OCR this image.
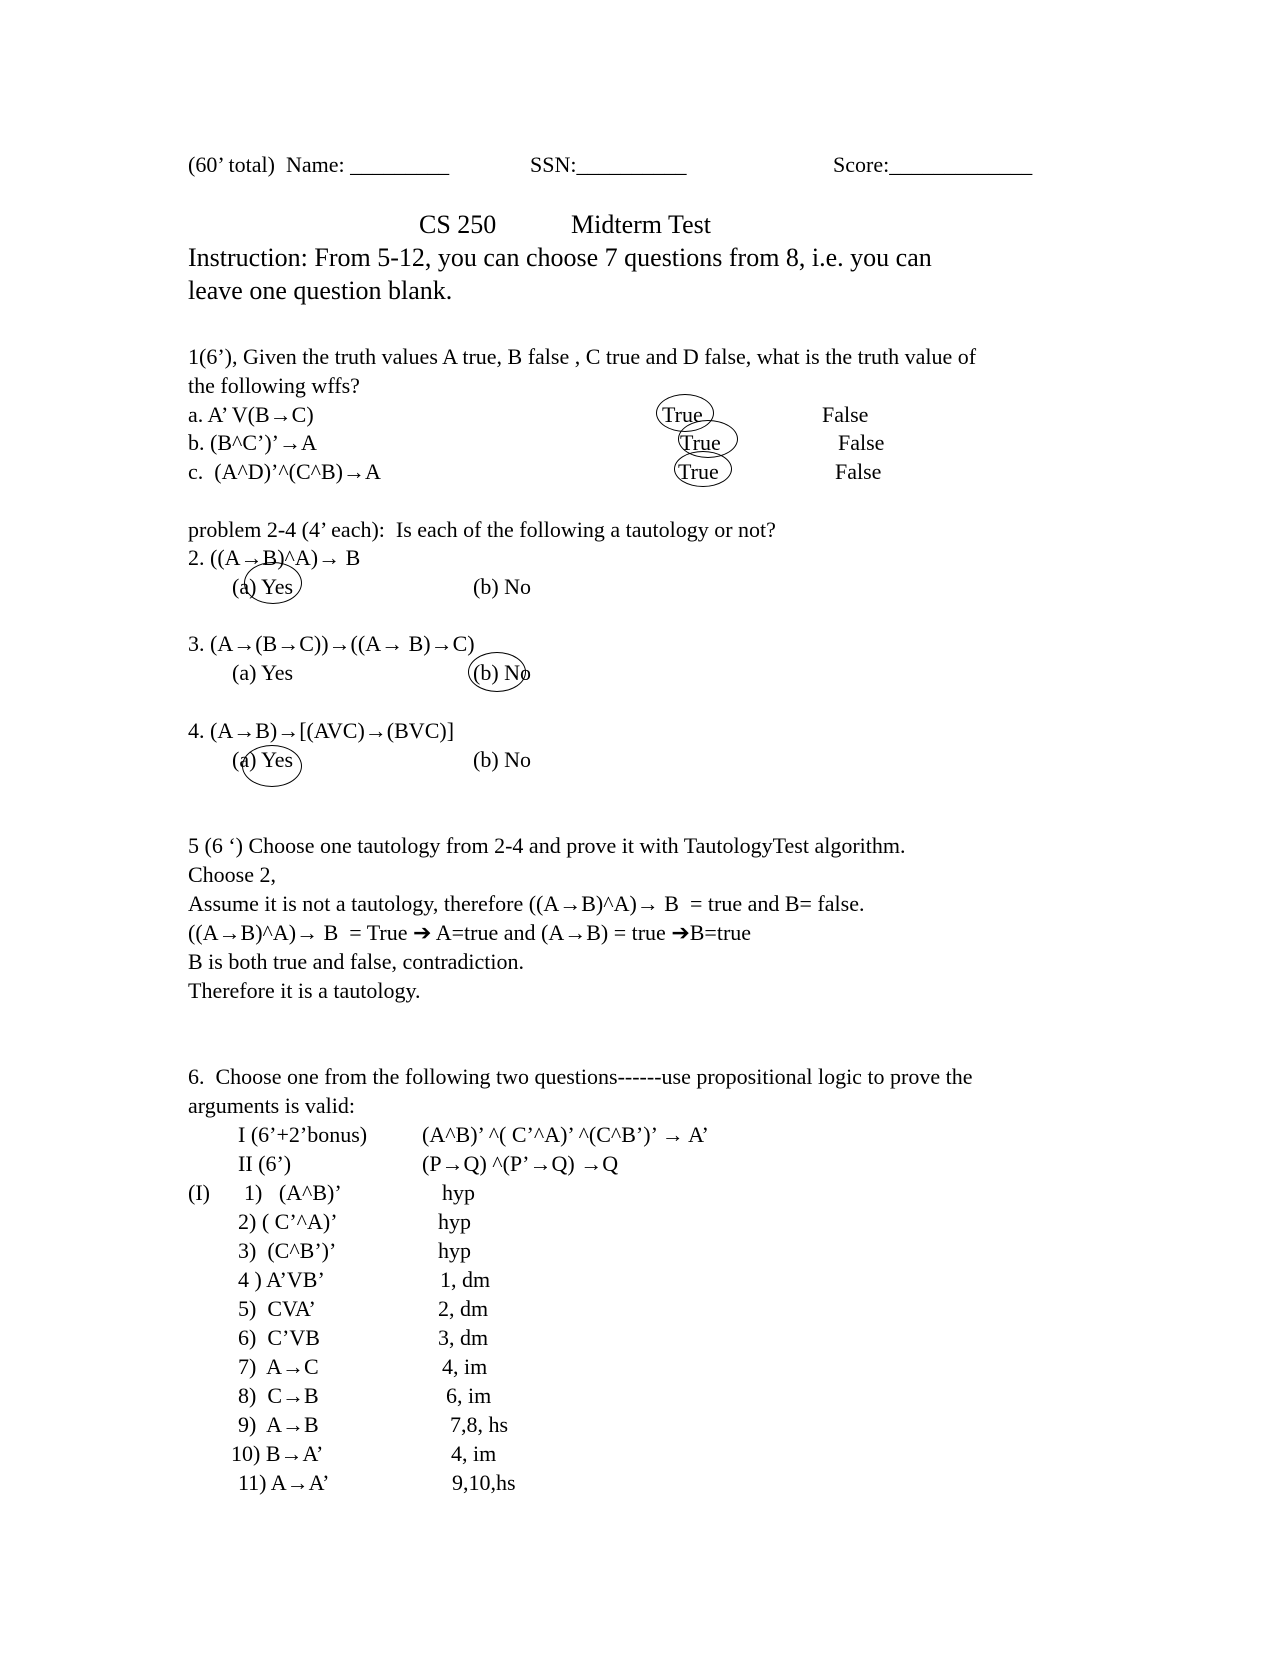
(60’ total)  Name: _________	SSN:__________	Score:_____________
CS 250	Midterm Test
Instruction: From 5-12, you can choose 7 questions from 8, i.e. you can
leave one question blank.
1(6’), Given the truth values A true, B false , C true and D false, what is the truth value of
the following wffs?
a. A’ V(B→C)	True	False
b. (B^C’)’→A	True	False
c.  (A^D)’^(C^B)→A	True	False
problem 2-4 (4’ each):  Is each of the following a tautology or not?
2. ((A→B)^A)→ B
(a) Yes	(b) No
3. (A→(B→C))→((A→ B)→C)
(a) Yes	(b) No
4. (A→B)→[(AVC)→(BVC)]
(a) Yes	(b) No
5 (6 ‘) Choose one tautology from 2-4 and prove it with TautologyTest algorithm.
Choose 2,
Assume it is not a tautology, therefore ((A→B)^A)→ B  = true and B= false.
((A→B)^A)→ B  = True ➔ A=true and (A→B) = true ➔B=true
B is both true and false, contradiction.
Therefore it is a tautology.
6.  Choose one from the following two questions------use propositional logic to prove the
arguments is valid:
I (6’+2’bonus) (A^B)’ ^( C’^A)’ ^(C^B’)’ → A’
II (6’)	(P→Q) ^(P’→Q) →Q
(I) 1)   (A^B)’	hyp
2) ( C’^A)’	hyp
3)  (C^B’)’	hyp
4 ) A’VB’	1, dm
5)  CVA’	2, dm
6)  C’VB	3, dm
7)  A→C	4, im
8)  C→B	6, im
9)  A→B	7,8, hs
10) B→A’	4, im
11) A→A’	9,10,hs
